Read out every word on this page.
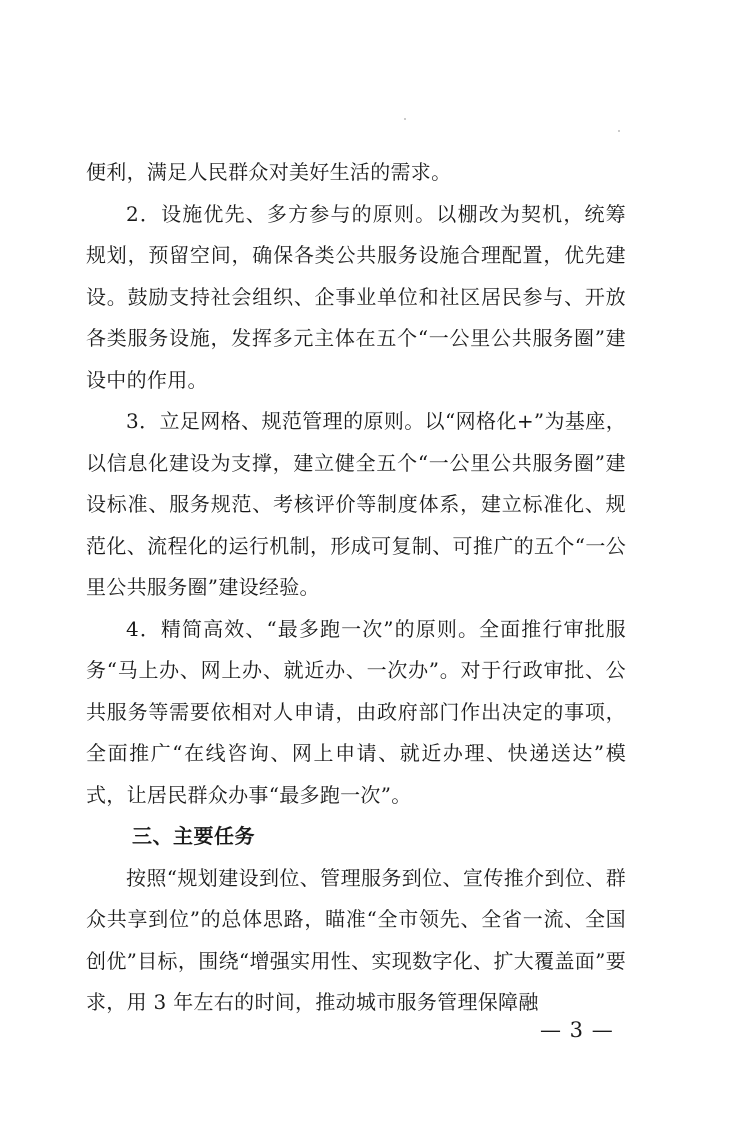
便利，满足人民群众对美好生活的需求。

2．设施优先、多方参与的原则。以棚改为契机，统筹规划，预留空间，确保各类公共服务设施合理配置，优先建设。鼓励支持社会组织、企事业单位和社区居民参与、开放各类服务设施，发挥多元主体在五个“一公里公共服务圈”建设中的作用。

3．立足网格、规范管理的原则。以“网格化+”为基座，以信息化建设为支撑，建立健全五个“一公里公共服务圈”建设标准、服务规范、考核评价等制度体系，建立标准化、规范化、流程化的运行机制，形成可复制、可推广的五个“一公里公共服务圈”建设经验。

4．精简高效、“最多跑一次”的原则。全面推行审批服务“马上办、网上办、就近办、一次办”。对于行政审批、公共服务等需要依相对人申请，由政府部门作出决定的事项，全面推广“在线咨询、网上申请、就近办理、快递送达”模式，让居民群众办事“最多跑一次”。

三、主要任务

按照“规划建设到位、管理服务到位、宣传推介到位、群众共享到位”的总体思路，瞄准“全市领先、全省一流、全国创优”目标，围绕“增强实用性、实现数字化、扩大覆盖面”要求，用 3 年左右的时间，推动城市服务管理保障融

— 3 —
